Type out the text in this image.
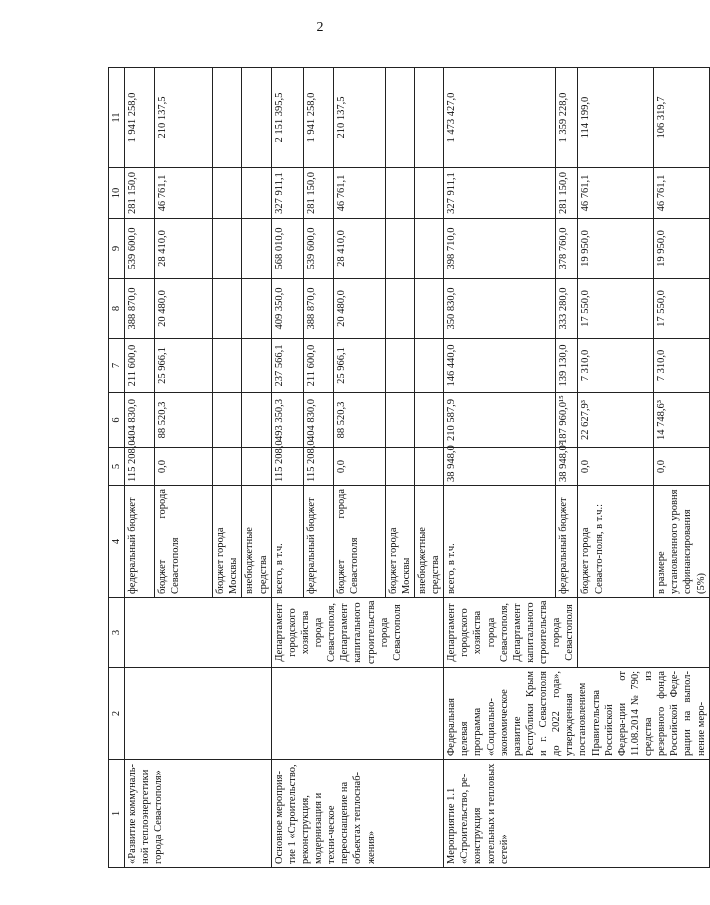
2
1	2	3	4	5	6	7	8	9	10	11
«Развитие коммуналь-ной теплоэнергетики города Севастополя»			федеральный бюджет	115 208,0	404 830,0	211 600,0	388 870,0	539 600,0	281 150,0	1 941 258,0
			бюджет города Севастополя	0,0	88 520,3	25 966,1	20 480,0	28 410,0	46 761,1	210 137,5
			бюджет города Москвы							
			внебюджетные средства							
Основное мероприя-тие 1 «Строительство, реконструкция, модернизация и техни-ческое переоснащение на объектах теплоснаб-жения»		Департамент городского хозяйства города Севастополя, Департамент капитального строительства города Севастополя	всего, в т.ч.	115 208,0	493 350,3	237 566,1	409 350,0	568 010,0	327 911,1	2 151 395,5
			федеральный бюджет	115 208,0	404 830,0	211 600,0	388 870,0	539 600,0	281 150,0	1 941 258,0
			бюджет города Севастополя	0,0	88 520,3	25 966,1	20 480,0	28 410,0	46 761,1	210 137,5
			бюджет города Москвы							
			внебюджетные средства							
Мероприятие 1.1 «Строительство, ре-конструкция котельных и тепловых сетей»	Федеральная целевая программа «Социально-экономическое развитие Республики Крым и г. Севастополя до 2022 года», утвержденная постановлением Правительства Российской Федера-ции от 11.08.2014 № 790; средства из резервного фонда Российской Феде-рации на выпол-нение меро-	Департамент городского хозяйства города Севастополя, Департамент капитального строительства города Севастополя	всего, в т.ч.	38 948,0	210 587,9	146 440,0	350 830,0	398 710,0	327 911,1	1 473 427,0
			федеральный бюджет	38 948,0²	187 960,0¹⁵	139 130,0	333 280,0	378 760,0	281 150,0	1 359 228,0
			бюджет города Севасто-поля, в т.ч.:	0,0	22 627,9³	7 310,0	17 550,0	19 950,0	46 761,1	114 199,0
			в размере установленного уровня софинансирования (5%)	0,0	14 748,6³	7 310,0	17 550,0	19 950,0	46 761,1	106 319,7
